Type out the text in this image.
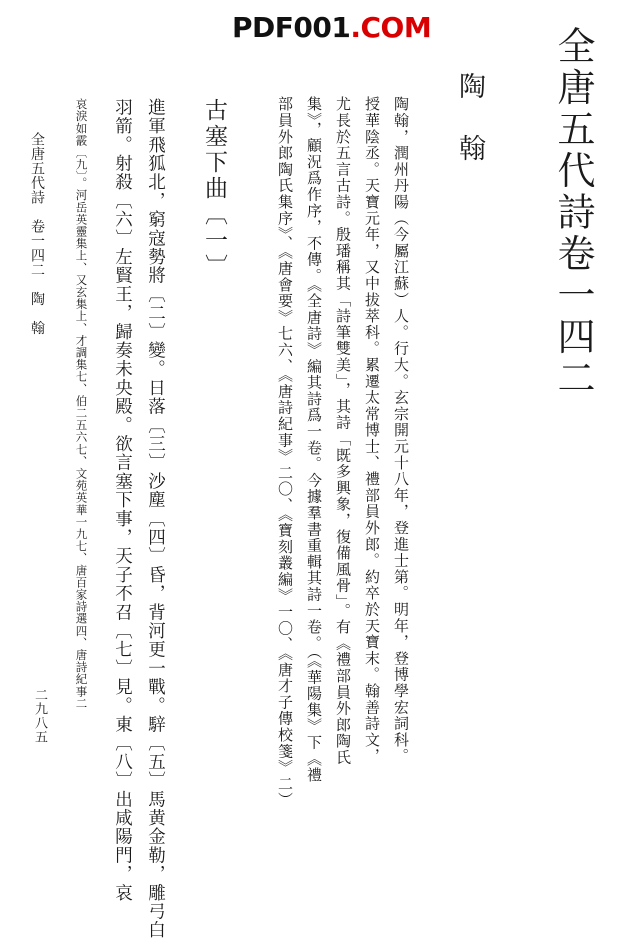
PDF001.COM	全唐五代詩卷一四二
陶　翰
陶翰，潤州丹陽（今屬江蘇）人。行大。玄宗開元十八年，登進士第。明年，登博學宏詞科。
授華陰丞。天寶元年，又中拔萃科。累遷太常博士、禮部員外郎。約卒於天寶末。翰善詩文，
尤長於五言古詩。殷璠稱其「詩筆雙美」，其詩「既多興象，復備風骨」。有《禮部員外郎陶氏
集》，顧況爲作序，不傳。《全唐詩》編其詩爲一卷。今據羣書重輯其詩一卷。（《華陽集》下《禮
部員外郎陶氏集序》、《唐會要》七六、《唐詩紀事》二〇、《寶刻叢編》一〇、《唐才子傳校箋》二）
古塞下曲〔一〕
進軍飛狐北，窮寇勢將〔二〕變。日落〔三〕沙塵〔四〕昏，背河更一戰。騂〔五〕馬黄金勒，雕弓白
羽箭。射殺〔六〕左賢王，歸奏未央殿。欲言塞下事，天子不召〔七〕見。東〔八〕出咸陽門，哀
哀淚如霰〔九〕。河岳英靈集上、又玄集上、才調集七、伯二五六七、文苑英華一九七、唐百家詩選四、唐詩紀事二
全唐五代詩　卷一四二　陶　翰
二九八五
